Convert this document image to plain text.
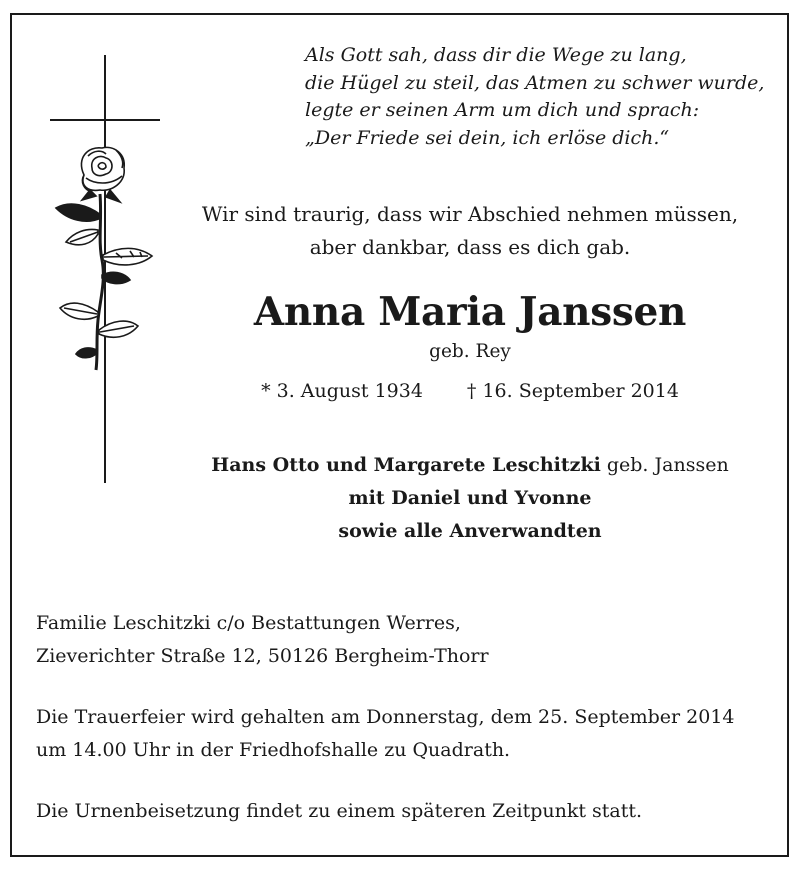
Als Gott sah, dass dir die Wege zu lang,
die Hügel zu steil, das Atmen zu schwer wurde,
legte er seinen Arm um dich und sprach:
„Der Friede sei dein, ich erlöse dich.“
Wir sind traurig, dass wir Abschied nehmen müssen,
aber dankbar, dass es dich gab.
Anna Maria Janssen
geb. Rey
* 3. August 1934 † 16. September 2014
Hans Otto und Margarete Leschitzki geb. Janssen
mit Daniel und Yvonne
sowie alle Anverwandten
Familie Leschitzki c/o Bestattungen Werres,
Zieverichter Straße 12, 50126 Bergheim-Thorr
Die Trauerfeier wird gehalten am Donnerstag, dem 25. September 2014
um 14.00 Uhr in der Friedhofshalle zu Quadrath.
Die Urnenbeisetzung findet zu einem späteren Zeitpunkt statt.
